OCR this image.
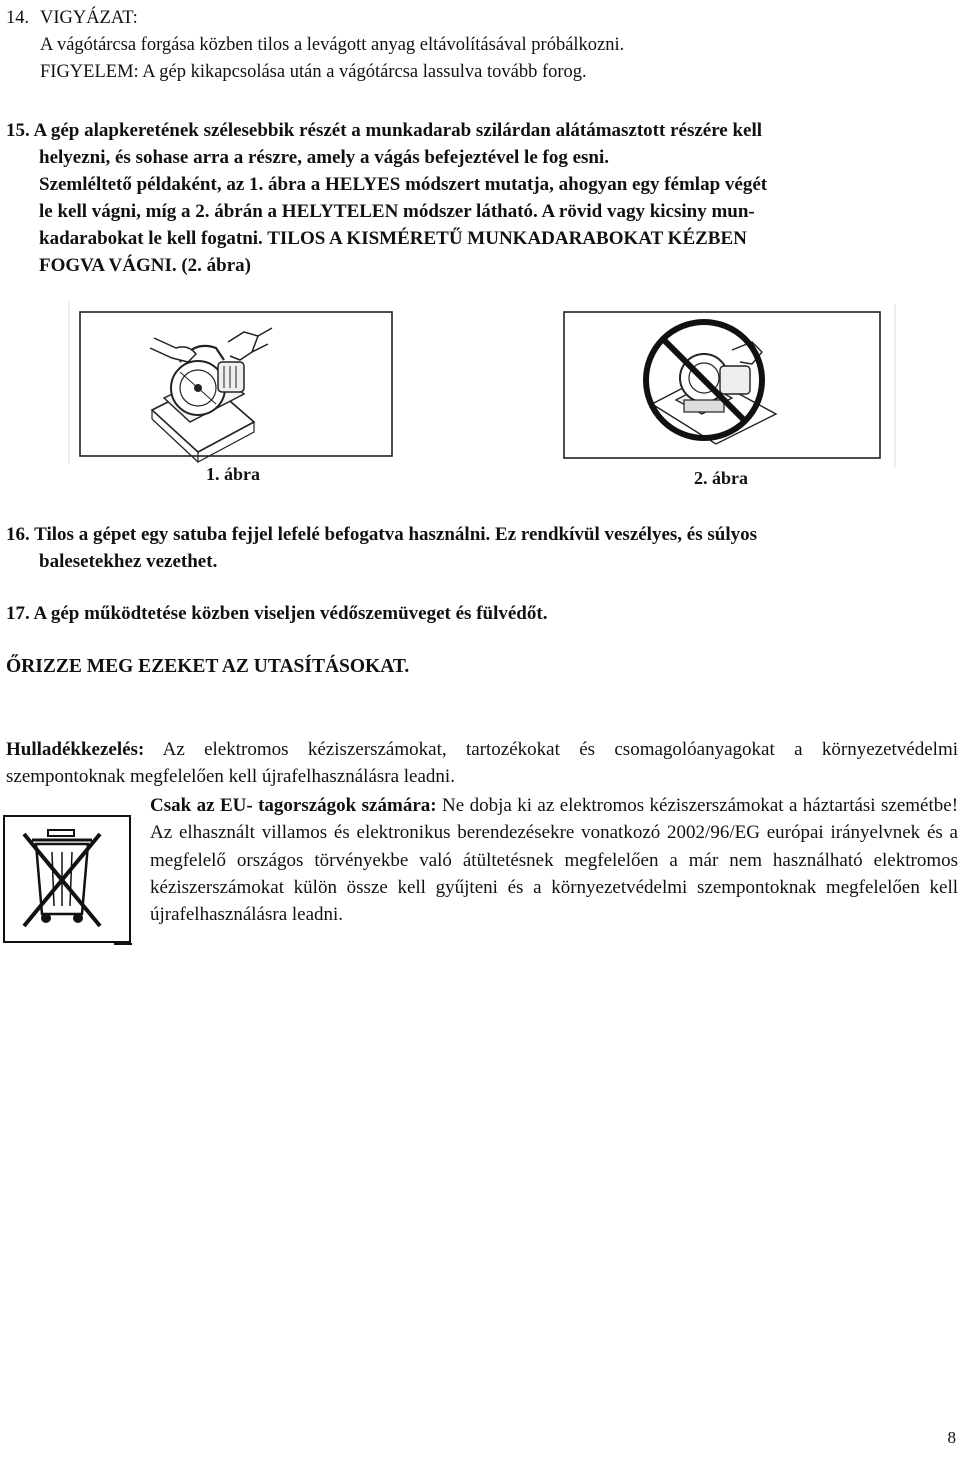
14. VIGYÁZAT:
A vágótárcsa forgása közben tilos a levágott anyag eltávolításával próbálkozni.
FIGYELEM: A gép kikapcsolása után a vágótárcsa lassulva tovább forog.
15. A gép alapkeretének szélesebbik részét a munkadarab szilárdan alátámasztott részére kell
helyezni, és sohase arra a részre, amely a vágás befejeztével le fog esni.
Szemléltető példaként, az 1. ábra a HELYES módszert mutatja, ahogyan egy fémlap végét
le kell vágni, míg a 2. ábrán a HELYTELEN módszer látható. A rövid vagy kicsiny mun-
kadarabokat le kell fogatni. TILOS A KISMÉRETŰ MUNKADARABOKAT KÉZBEN
FOGVA VÁGNI. (2. ábra)
1. ábra	2. ábra
16. Tilos a gépet egy satuba fejjel lefelé befogatva használni. Ez rendkívül veszélyes, és súlyos
balesetekhez vezethet.
17. A gép működtetése közben viseljen védőszemüveget és fülvédőt.
ŐRIZZE MEG EZEKET AZ UTASÍTÁSOKAT.

Hulladékkezelés: Az elektromos kéziszerszámokat, tartozékokat és csomagolóanyagokat a környezetvédelmi szempontoknak megfelelően kell újrafelhasználásra leadni.

Csak az EU- tagországok számára: Ne dobja ki az elektromos kéziszerszámokat a háztartási szemétbe! Az elhasznált villamos és elektronikus berendezésekre vonatkozó 2002/96/EG európai irányelvnek és a megfelelő országos törvényekbe való átültetésnek megfelelően a már nem használható elektromos kéziszerszámokat külön össze kell gyűjteni és a környezetvédelmi szempontoknak megfelelően kell újrafelhasználásra leadni.

8
